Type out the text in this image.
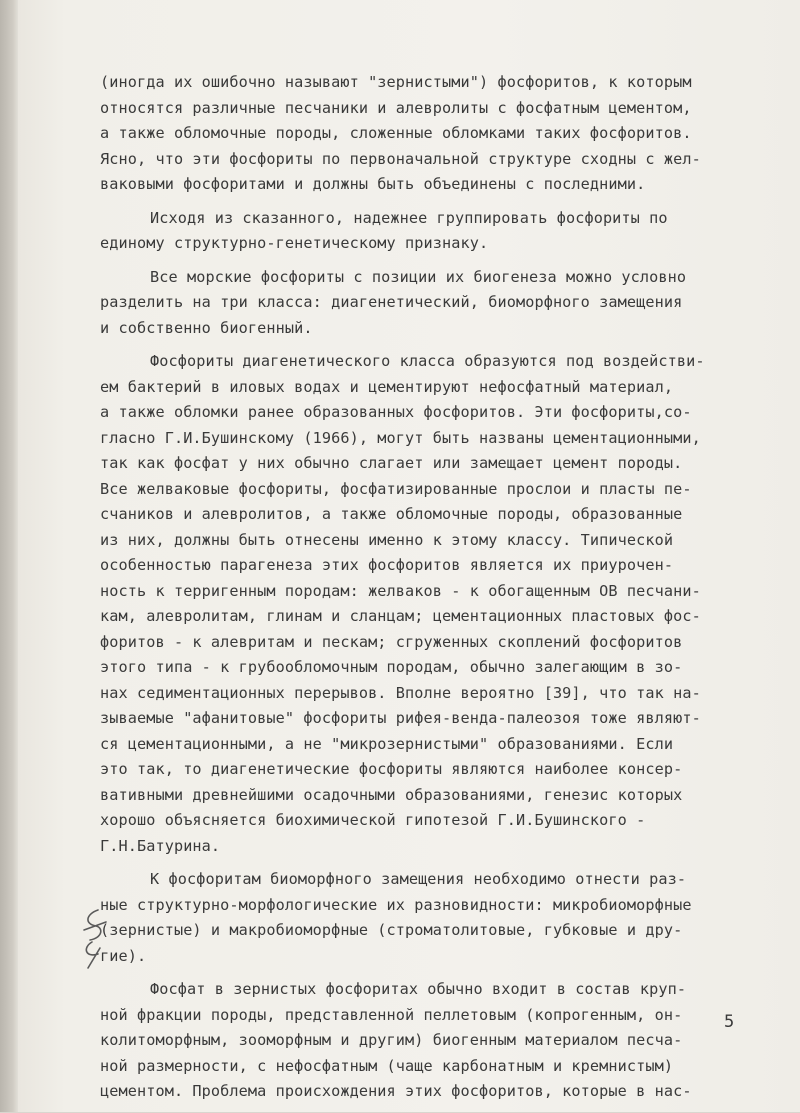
(иногда их ошибочно называют "зернистыми") фосфоритов, к которым
относятся различные песчаники и алевролиты с фосфатным цементом,
а также обломочные породы, сложенные обломками таких фосфоритов.
Ясно, что эти фосфориты по первоначальной структуре сходны с жел-
ваковыми фосфоритами и должны быть объединены с последними.
Исходя из сказанного, надежнее группировать фосфориты по
единому структурно-генетическому признаку.
Все морские фосфориты с позиции их биогенеза можно условно
разделить на три класса: диагенетический, биоморфного замещения
и собственно биогенный.
Фосфориты диагенетического класса образуются под воздействи-
ем бактерий в иловых водах и цементируют нефосфатный материал,
а также обломки ранее образованных фосфоритов. Эти фосфориты,со-
гласно Г.И.Бушинскому (1966), могут быть названы цементационными,
так как фосфат у них обычно слагает или замещает цемент породы.
Все желваковые фосфориты, фосфатизированные прослои и пласты пе-
счаников и алевролитов, а также обломочные породы, образованные
из них, должны быть отнесены именно к этому классу. Типической
особенностью парагенеза этих фосфоритов является их приурочен-
ность к терригенным породам: желваков - к обогащенным ОВ песчани-
кам, алевролитам, глинам и сланцам; цементационных пластовых фос-
форитов - к алевритам и пескам; сгруженных скоплений фосфоритов
этого типа - к грубообломочным породам, обычно залегающим в зо-
нах седиментационных перерывов. Вполне вероятно [39], что так на-
зываемые "афанитовые" фосфориты рифея-венда-палеозоя тоже являют-
ся цементационными, а не "микрозернистыми" образованиями. Если
это так, то диагенетические фосфориты являются наиболее консер-
вативными древнейшими осадочными образованиями, генезис которых
хорошо объясняется биохимической гипотезой Г.И.Бушинского -
Г.Н.Батурина.
К фосфоритам биоморфного замещения необходимо отнести раз-
ные структурно-морфологические их разновидности: микробиоморфные
(зернистые) и макробиоморфные (строматолитовые, губковые и дру-
гие).
Фосфат в зернистых фосфоритах обычно входит в состав круп-
ной фракции породы, представленной пеллетовым (копрогенным, он-
колитоморфным, зооморфным и другим) биогенным материалом песча-
ной размерности, с нефосфатным (чаще карбонатным и кремнистым)
цементом. Проблема происхождения этих фосфоритов, которые в нас-
5
